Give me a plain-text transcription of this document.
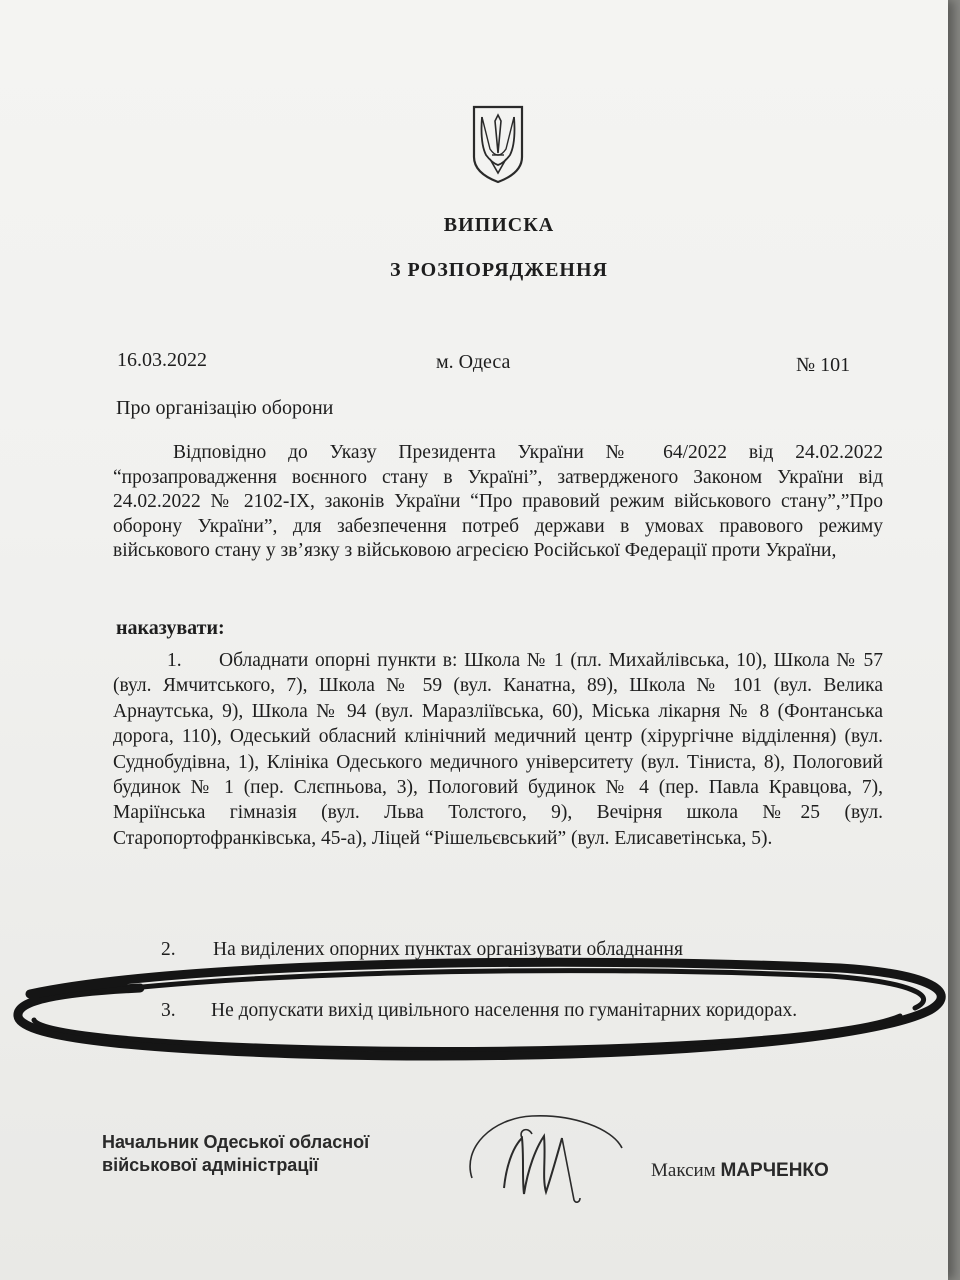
ВИПИСКА
З РОЗПОРЯДЖЕННЯ
16.03.2022	м. Одеса	№ 101
Про організацію оборони
Відповідно до Указу Президента України № 64/2022 від 24.02.2022 “прозапровадження воєнного стану в Україні”, затвердженого Законом України від 24.02.2022 № 2102-IX, законів України “Про правовий режим військового стану”,”Про оборону України”, для забезпечення потреб держави в умовах правового режиму військового стану у зв’язку з військовою агресією Російської Федерації проти України,
наказувати:
1. Обладнати опорні пункти в: Школа № 1 (пл. Михайлівська, 10), Школа № 57 (вул. Ямчитського, 7), Школа № 59 (вул. Канатна, 89), Школа № 101 (вул. Велика Арнаутська, 9), Школа № 94 (вул. Маразліївська, 60), Міська лікарня № 8 (Фонтанська дорога, 110), Одеський обласний клінічний медичний центр (хірургічне відділення) (вул. Суднобудівна, 1), Клініка Одеського медичного університету (вул. Тіниста, 8), Пологовий будинок № 1 (пер. Слєпньова, 3), Пологовий будинок № 4 (пер. Павла Кравцова, 7), Маріїнська гімназія (вул. Льва Толстого, 9), Вечірня школа №25 (вул. Старопортофранківська, 45-а), Ліцей “Рішельєвський” (вул. Елисаветінська, 5).
2. На виділених опорних пунктах організувати обладнання
3. Не допускати вихід цивільного населення по гуманітарних коридорах.
Начальник Одеської обласної
військової адміністрації	Максим МАРЧЕНКО
